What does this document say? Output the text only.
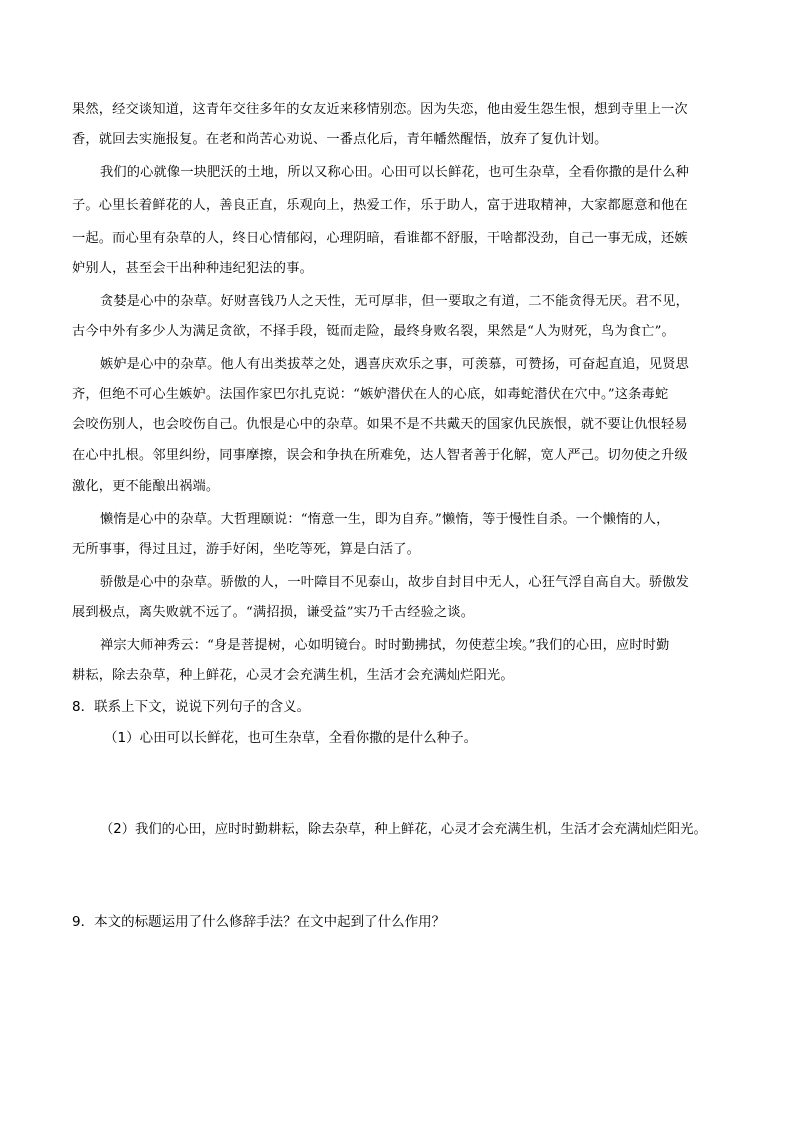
果然，经交谈知道，这青年交往多年的女友近来移情别恋。因为失恋，他由爱生怨生恨，想到寺里上一次
香，就回去实施报复。在老和尚苦心劝说、一番点化后，青年幡然醒悟，放弃了复仇计划。
我们的心就像一块肥沃的土地，所以又称心田。心田可以长鲜花，也可生杂草，全看你撒的是什么种
子。心里长着鲜花的人，善良正直，乐观向上，热爱工作，乐于助人，富于进取精神，大家都愿意和他在
一起。而心里有杂草的人，终日心情郁闷，心理阴暗，看谁都不舒服，干啥都没劲，自己一事无成，还嫉
妒别人，甚至会干出种种违纪犯法的事。
贪婪是心中的杂草。好财喜钱乃人之天性，无可厚非，但一要取之有道，二不能贪得无厌。君不见，
古今中外有多少人为满足贪欲，不择手段，铤而走险，最终身败名裂，果然是“人为财死，鸟为食亡”。
嫉妒是心中的杂草。他人有出类拔萃之处，遇喜庆欢乐之事，可羡慕，可赞扬，可奋起直追，见贤思
齐，但绝不可心生嫉妒。法国作家巴尔扎克说：“嫉妒潜伏在人的心底，如毒蛇潜伏在穴中。”这条毒蛇
会咬伤别人，也会咬伤自己。仇恨是心中的杂草。如果不是不共戴天的国家仇民族恨，就不要让仇恨轻易
在心中扎根。邻里纠纷，同事摩擦，误会和争执在所难免，达人智者善于化解，宽人严己。切勿使之升级
激化，更不能酿出祸端。
懒惰是心中的杂草。大哲理颐说：“惰意一生，即为自弃。”懒惰，等于慢性自杀。一个懒惰的人，
无所事事，得过且过，游手好闲，坐吃等死，算是白活了。
骄傲是心中的杂草。骄傲的人，一叶障目不见泰山，故步自封目中无人，心狂气浮自高自大。骄傲发
展到极点，离失败就不远了。“满招损，谦受益”实乃千古经验之谈。
禅宗大师神秀云：“身是菩提树，心如明镜台。时时勤拂拭，勿使惹尘埃。”我们的心田，应时时勤
耕耘，除去杂草，种上鲜花，心灵才会充满生机，生活才会充满灿烂阳光。
8．联系上下文，说说下列句子的含义。
（1）心田可以长鲜花，也可生杂草，全看你撒的是什么种子。
（2）我们的心田，应时时勤耕耘，除去杂草，种上鲜花，心灵才会充满生机，生活才会充满灿烂阳光。
9．本文的标题运用了什么修辞手法？在文中起到了什么作用？
